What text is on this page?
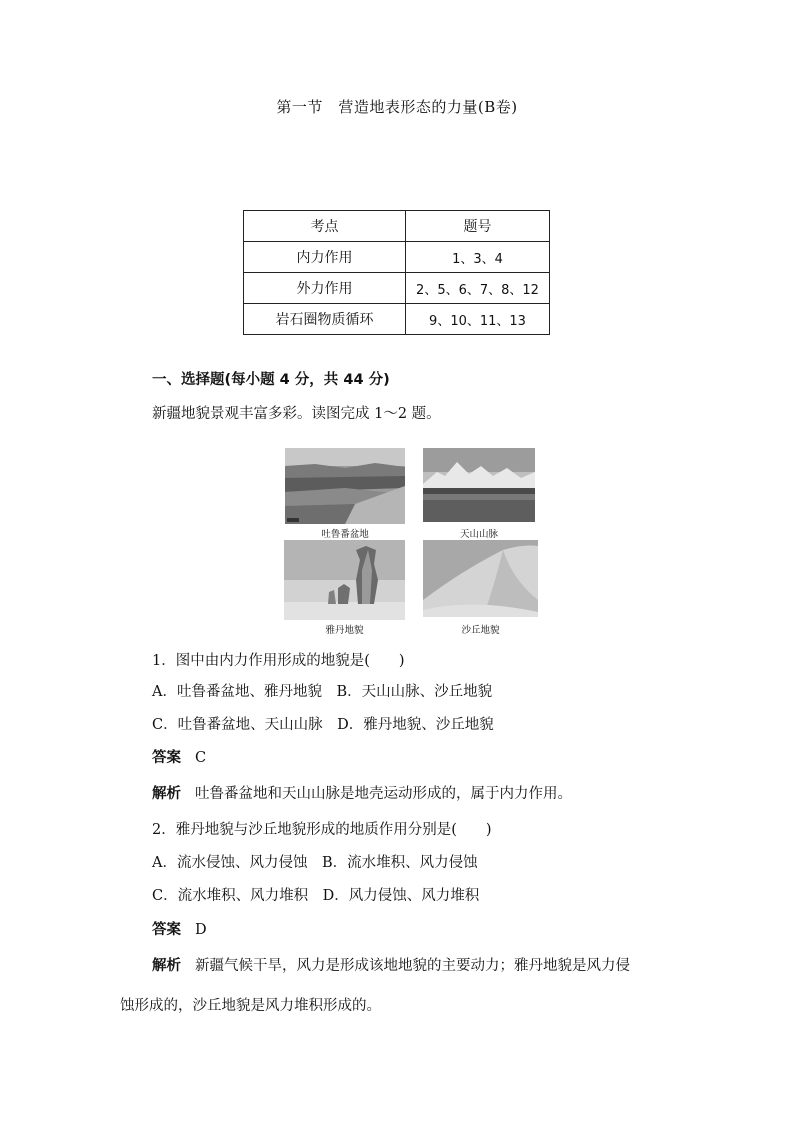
第一节　营造地表形态的力量(B卷)
考点	题号
内力作用	1、3、4
外力作用	2、5、6、7、8、12
岩石圈物质循环	9、10、11、13
一、选择题(每小题 4 分，共 44 分)
新疆地貌景观丰富多彩。读图完成 1～2 题。
吐鲁番盆地	天山山脉
雅丹地貌	沙丘地貌
1．图中由内力作用形成的地貌是(　　)
A．吐鲁番盆地、雅丹地貌　B．天山山脉、沙丘地貌
C．吐鲁番盆地、天山山脉　D．雅丹地貌、沙丘地貌
答案 C
解析 吐鲁番盆地和天山山脉是地壳运动形成的，属于内力作用。
2．雅丹地貌与沙丘地貌形成的地质作用分别是(　　)
A．流水侵蚀、风力侵蚀　B．流水堆积、风力侵蚀
C．流水堆积、风力堆积　D．风力侵蚀、风力堆积
答案 D
解析 新疆气候干旱，风力是形成该地地貌的主要动力；雅丹地貌是风力侵
蚀形成的，沙丘地貌是风力堆积形成的。
